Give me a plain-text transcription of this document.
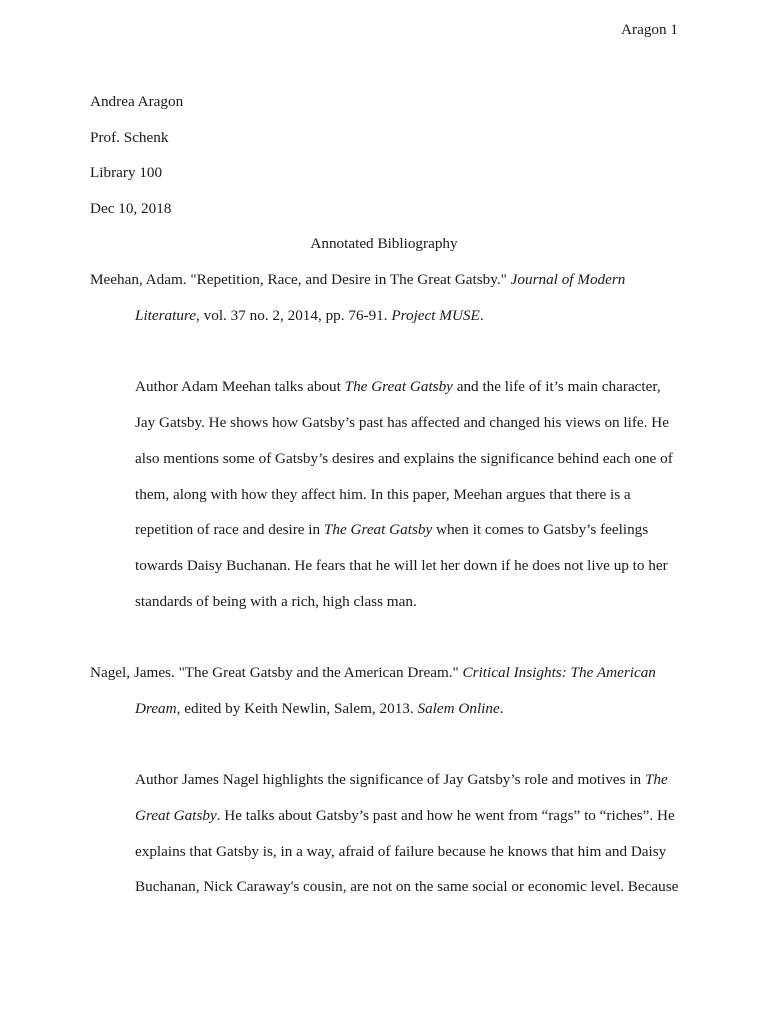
Aragon 1
Andrea Aragon
Prof. Schenk
Library 100
Dec 10, 2018
Annotated Bibliography
Meehan, Adam. "Repetition, Race, and Desire in The Great Gatsby." Journal of Modern
Literature, vol. 37 no. 2, 2014, pp. 76-91. Project MUSE.
Author Adam Meehan talks about The Great Gatsby and the life of it’s main character,
Jay Gatsby. He shows how Gatsby’s past has affected and changed his views on life. He
also mentions some of Gatsby’s desires and explains the significance behind each one of
them, along with how they affect him. In this paper, Meehan argues that there is a
repetition of race and desire in The Great Gatsby when it comes to Gatsby’s feelings
towards Daisy Buchanan. He fears that he will let her down if he does not live up to her
standards of being with a rich, high class man.
Nagel, James. "The Great Gatsby and the American Dream." Critical Insights: The American
Dream, edited by Keith Newlin, Salem, 2013. Salem Online.
Author James Nagel highlights the significance of Jay Gatsby’s role and motives in The
Great Gatsby. He talks about Gatsby’s past and how he went from “rags” to “riches”. He
explains that Gatsby is, in a way, afraid of failure because he knows that him and Daisy
Buchanan, Nick Caraway's cousin, are not on the same social or economic level. Because
